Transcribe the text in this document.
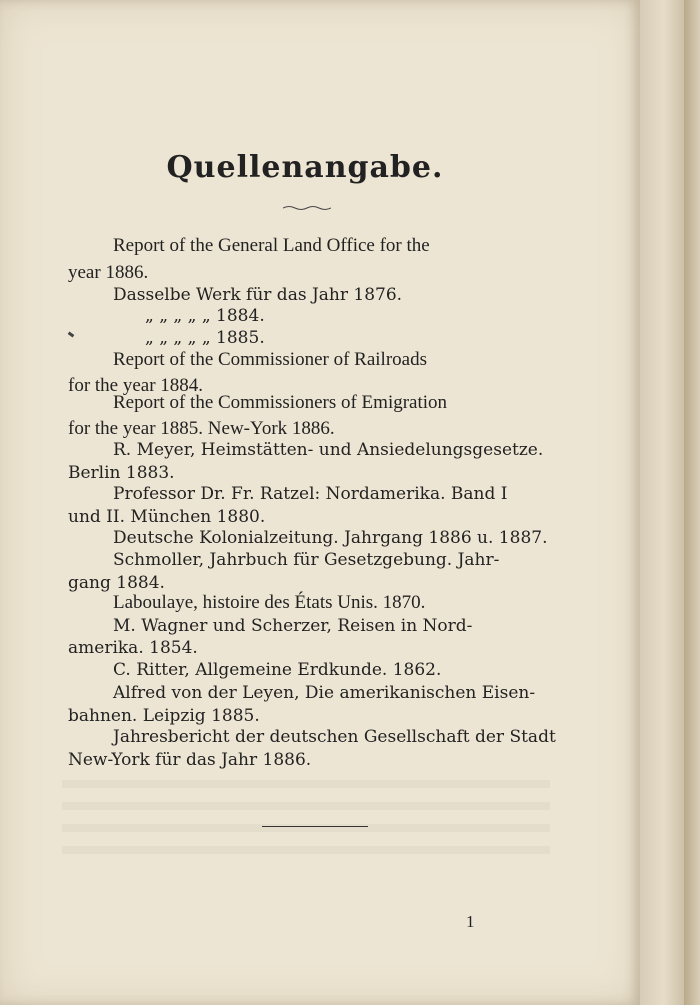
Quellenangabe.
Report of the General Land Office for the
year 1886.
Dasselbe Werk für das Jahr 1876.
„ „ „ „ „ 1884.
„ „ „ „ „ 1885.
Report of the Commissioner of Railroads
for the year 1884.
Report of the Commissioners of Emigration
for the year 1885. New-York 1886.
R. Meyer, Heimstätten- und Ansiedelungsgesetze.
Berlin 1883.
Professor Dr. Fr. Ratzel: Nordamerika. Band I
und II. München 1880.
Deutsche Kolonialzeitung. Jahrgang 1886 u. 1887.
Schmoller, Jahrbuch für Gesetzgebung. Jahr-
gang 1884.
Laboulaye, histoire des États Unis. 1870.
M. Wagner und Scherzer, Reisen in Nord-
amerika. 1854.
C. Ritter, Allgemeine Erdkunde. 1862.
Alfred von der Leyen, Die amerikanischen Eisen-
bahnen. Leipzig 1885.
Jahresbericht der deutschen Gesellschaft der Stadt
New-York für das Jahr 1886.
1
